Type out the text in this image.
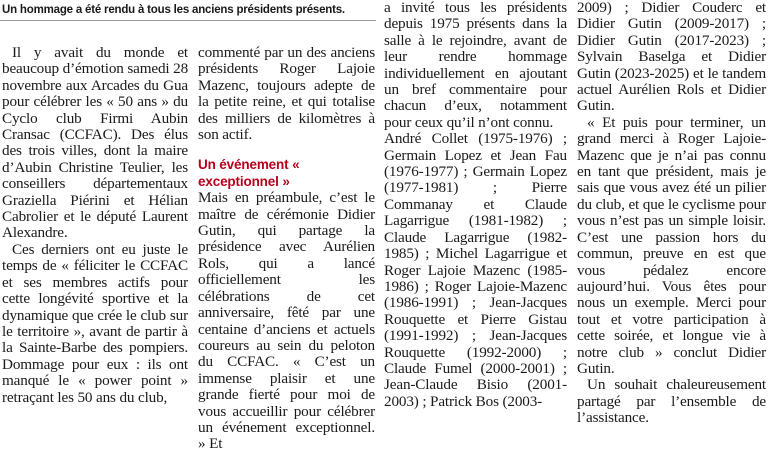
Un hommage a été rendu à tous les anciens présidents présents.

Il y avait du monde et beaucoup d’émotion samedi 28 novembre aux Arcades du Gua pour célébrer les « 50 ans » du Cyclo club Firmi Aubin Cransac (CCFAC). Des élus des trois villes, dont la maire d’Aubin Christine Teulier, les conseillers départementaux Graziella Piérini et Hélian Cabrolier et le député Laurent Alexandre.

Ces derniers ont eu juste le temps de « féliciter le CCFAC et ses membres actifs pour cette longévité sportive et la dynamique que crée le club sur le territoire », avant de partir à la Sainte-Barbe des pompiers. Dommage pour eux : ils ont manqué le « power point » retraçant les 50 ans du club,

commenté par un des anciens présidents Roger Lajoie Mazenc, toujours adepte de la petite reine, et qui totalise des milliers de kilomètres à son actif.

Un événement « exceptionnel »

Mais en préambule, c’est le maître de cérémonie Didier Gutin, qui partage la présidence avec Aurélien Rols, qui a lancé officiellement les célébrations de cet anniversaire, fêté par une centaine d’anciens et actuels coureurs au sein du peloton du CCFAC. « C’est un immense plaisir et une grande fierté pour moi de vous accueillir pour célébrer un événement exceptionnel. » Et

a invité tous les présidents depuis 1975 présents dans la salle à le rejoindre, avant de leur rendre hommage individuellement en ajoutant un bref commentaire pour chacun d’eux, notamment pour ceux qu’il n’ont connu.

André Collet (1975-1976) ; Germain Lopez et Jean Fau (1976-1977) ; Germain Lopez (1977-1981) ; Pierre Commanay et Claude Lagarrigue (1981-1982) ; Claude Lagarrigue (1982-1985) ; Michel Lagarrigue et Roger Lajoie Mazenc (1985-1986) ; Roger Lajoie-Mazenc (1986-1991) ; Jean-Jacques Rouquette et Pierre Gistau (1991-1992) ; Jean-Jacques Rouquette (1992-2000) ; Claude Fumel (2000-2001) ; Jean-Claude Bisio (2001-2003) ; Patrick Bos (2003-

2009) ; Didier Couderc et Didier Gutin (2009-2017) ; Didier Gutin (2017-2023) ; Sylvain Baselga et Didier Gutin (2023-2025) et le tandem actuel Aurélien Rols et Didier Gutin.

« Et puis pour terminer, un grand merci à Roger Lajoie-Mazenc que je n’ai pas connu en tant que président, mais je sais que vous avez été un pilier du club, et que le cyclisme pour vous n’est pas un simple loisir. C’est une passion hors du commun, preuve en est que vous pédalez encore aujourd’hui. Vous êtes pour nous un exemple. Merci pour tout et votre participation à cette soirée, et longue vie à notre club » conclut Didier Gutin.

Un souhait chaleureusement partagé par l’ensemble de l’assistance.
